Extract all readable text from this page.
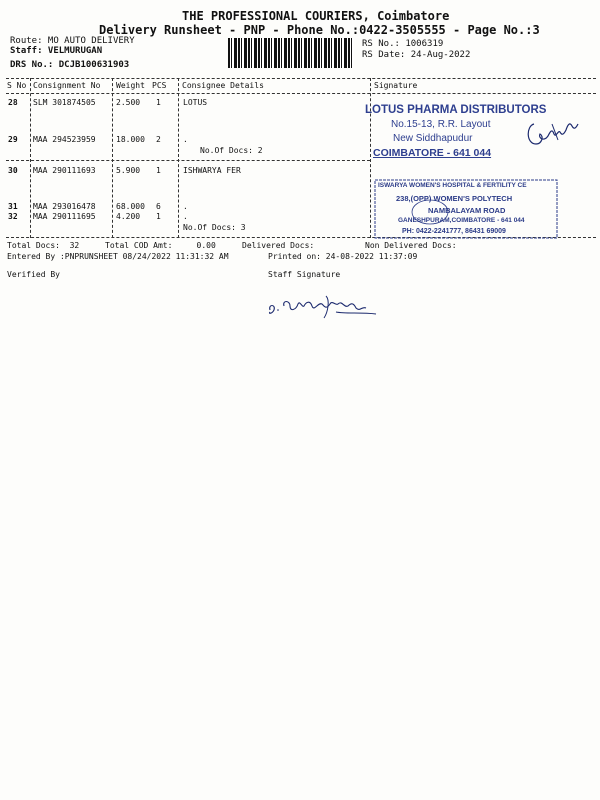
THE PROFESSIONAL COURIERS, Coimbatore
Delivery Runsheet - PNP - Phone No.:0422-3505555 - Page No.:3
Route: MO AUTO DELIVERY
Staff: VELMURUGAN
DRS No.: DCJB100631903
RS No.: 1006319
RS Date: 24-Aug-2022
S No Consignment No Weight PCS Consignee Details	Signature
28 SLM 301874505	2.500 1	LOTUS
29 MAA 294523959	18.000 2	.
No.Of Docs: 2
30 MAA 290111693	5.900 1	ISHWARYA FER
31 MAA 293016478	68.000 6	.
32 MAA 290111695	4.200 1	.
No.Of Docs: 3
Total Docs:  32	Total COD Amt:     0.00	Delivered Docs:	Non Delivered Docs:
Entered By :PNPRUNSHEET 08/24/2022 11:31:32 AM	Printed on: 24-08-2022 11:37:09
Verified By	Staff Signature
LOTUS PHARMA DISTRIBUTORS
No.15-13, R.R. Layout
New Siddhapudur
COIMBATORE - 641 044
ISWARYA WOMEN'S HOSPITAL & FERTILITY CE
238,(OPP) WOMEN'S POLYTECH
NAMBALAYAM ROAD
GANESHPURAM,COIMBATORE - 641 044
PH: 0422-2241777, 86431 69009
